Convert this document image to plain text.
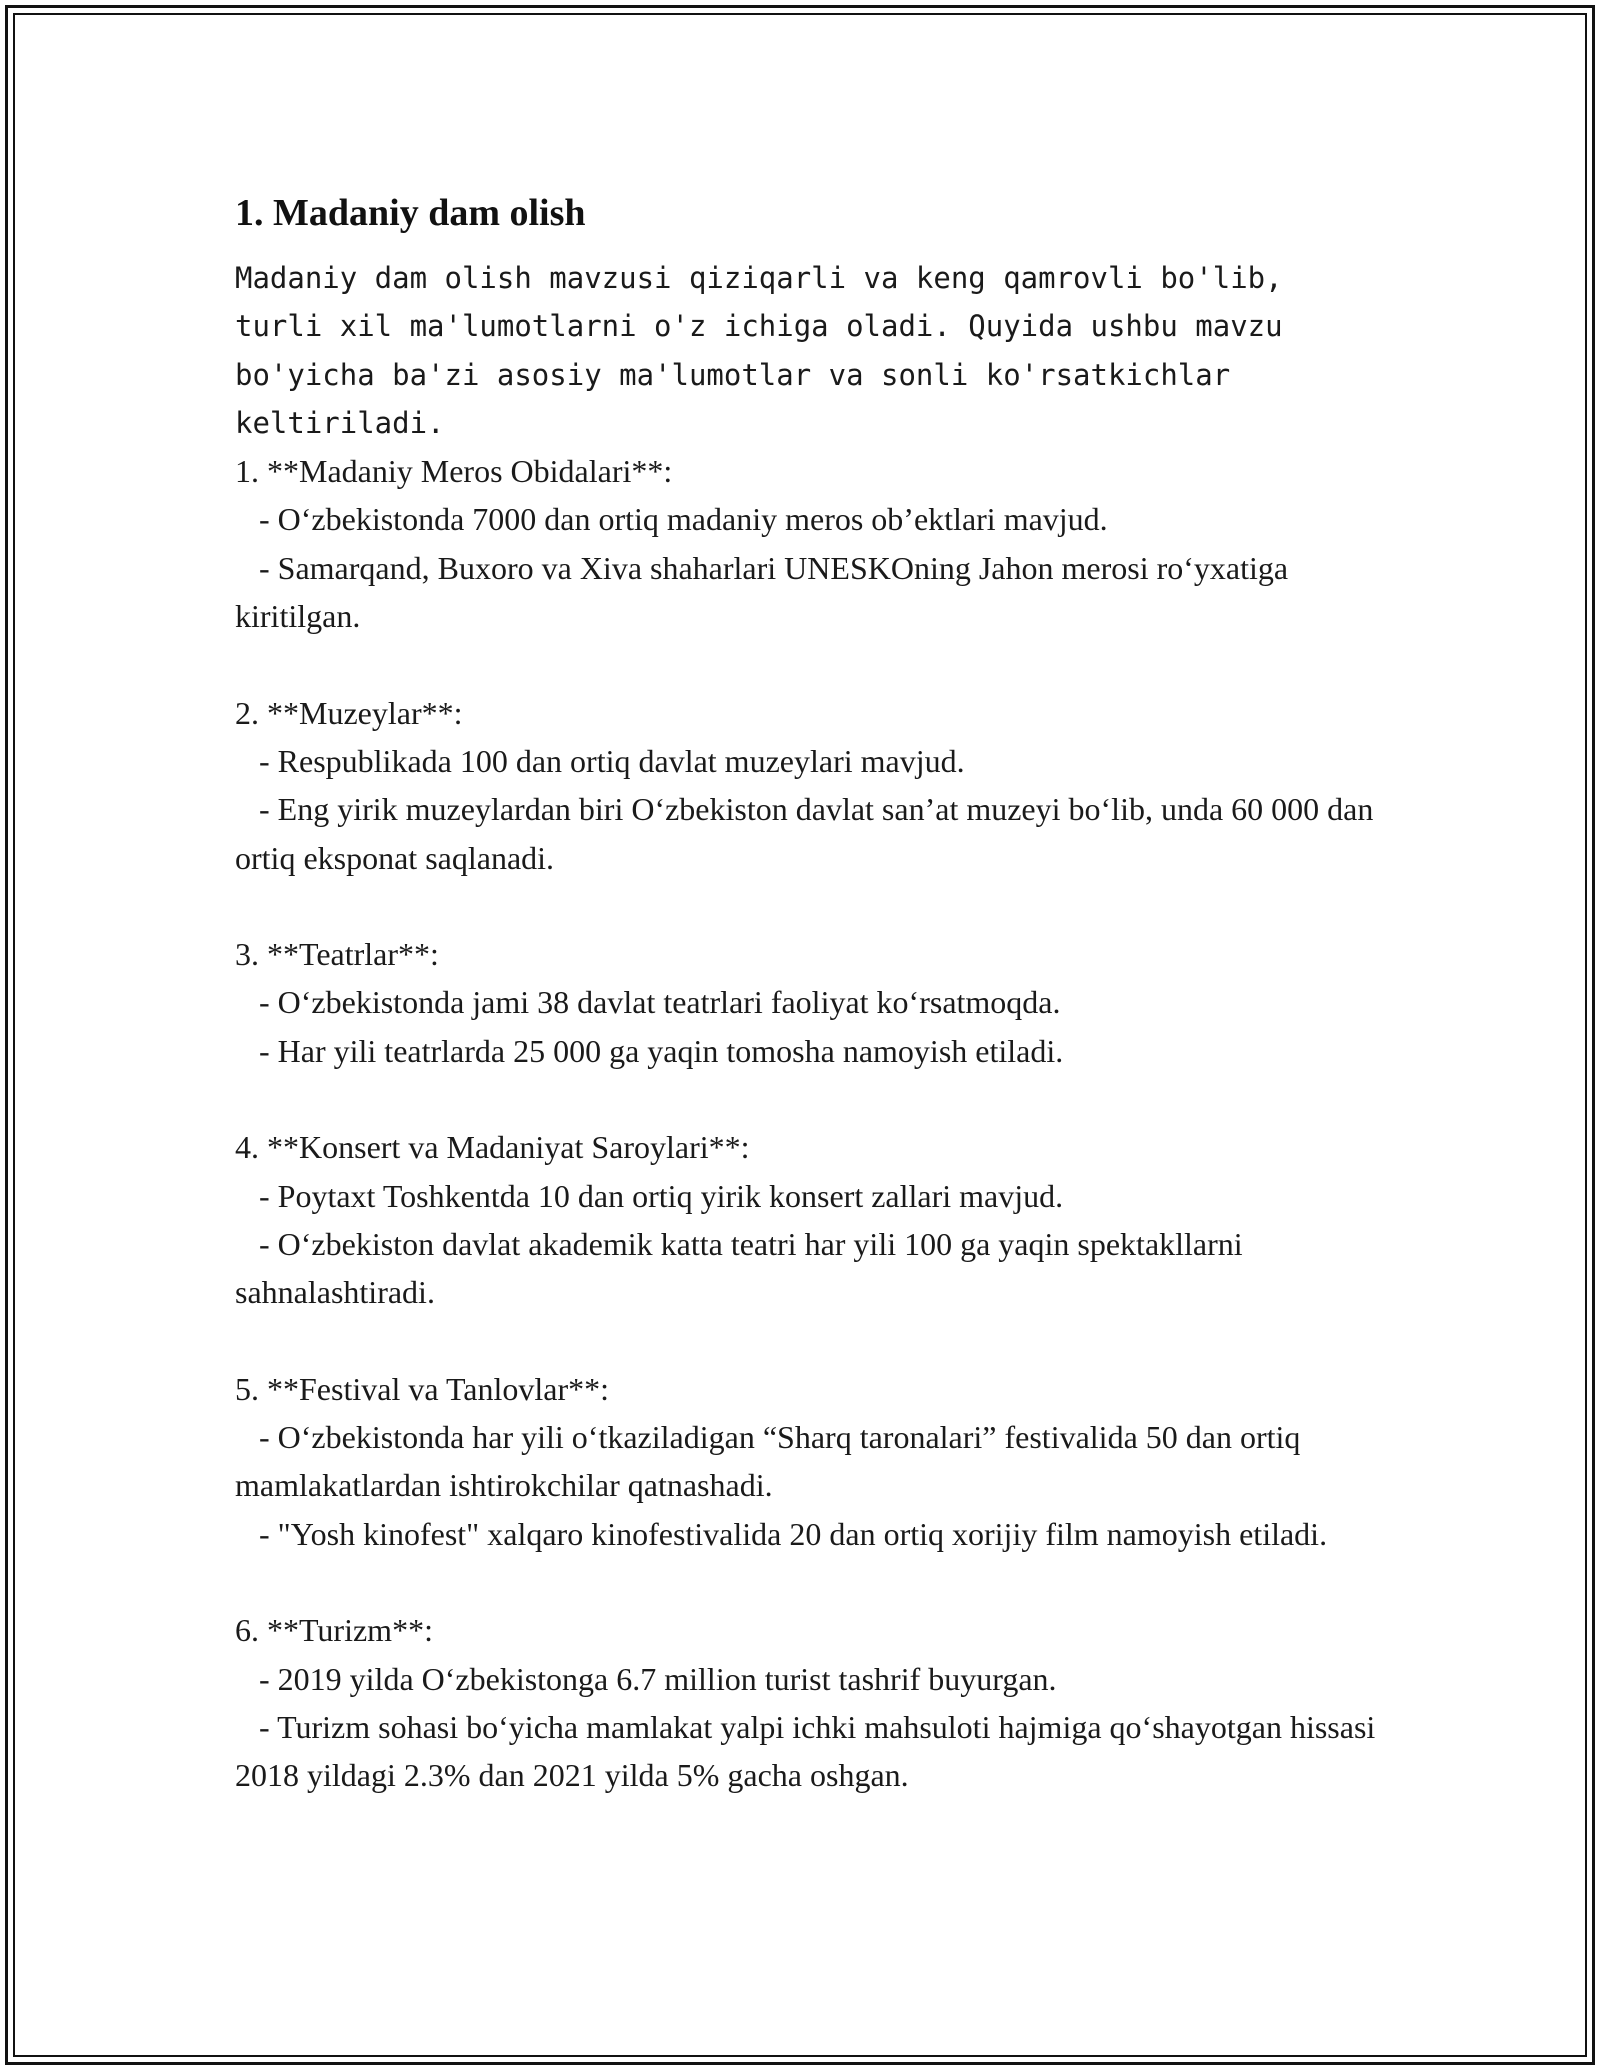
1. Madaniy dam olish

Madaniy dam olish mavzusi qiziqarli va keng qamrovli bo'lib, turli xil ma'lumotlarni o'z ichiga oladi. Quyida ushbu mavzu bo'yicha ba'zi asosiy ma'lumotlar va sonli ko'rsatkichlar keltiriladi.

1. **Madaniy Meros Obidalari**:
- O‘zbekistonda 7000 dan ortiq madaniy meros ob’ektlari mavjud.
- Samarqand, Buxoro va Xiva shaharlari UNESKOning Jahon merosi ro‘yxatiga kiritilgan.

2. **Muzeylar**:
- Respublikada 100 dan ortiq davlat muzeylari mavjud.
- Eng yirik muzeylardan biri O‘zbekiston davlat san’at muzeyi bo‘lib, unda 60 000 dan ortiq eksponat saqlanadi.

3. **Teatrlar**:
- O‘zbekistonda jami 38 davlat teatrlari faoliyat ko‘rsatmoqda.
- Har yili teatrlarda 25 000 ga yaqin tomosha namoyish etiladi.

4. **Konsert va Madaniyat Saroylari**:
- Poytaxt Toshkentda 10 dan ortiq yirik konsert zallari mavjud.
- O‘zbekiston davlat akademik katta teatri har yili 100 ga yaqin spektakllarni sahnalashtiradi.

5. **Festival va Tanlovlar**:
- O‘zbekistonda har yili o‘tkaziladigan “Sharq taronalari” festivalida 50 dan ortiq mamlakatlardan ishtirokchilar qatnashadi.
- "Yosh kinofest" xalqaro kinofestivalida 20 dan ortiq xorijiy film namoyish etiladi.

6. **Turizm**:
- 2019 yilda O‘zbekistonga 6.7 million turist tashrif buyurgan.
- Turizm sohasi bo‘yicha mamlakat yalpi ichki mahsuloti hajmiga qo‘shayotgan hissasi 2018 yildagi 2.3% dan 2021 yilda 5% gacha oshgan.
